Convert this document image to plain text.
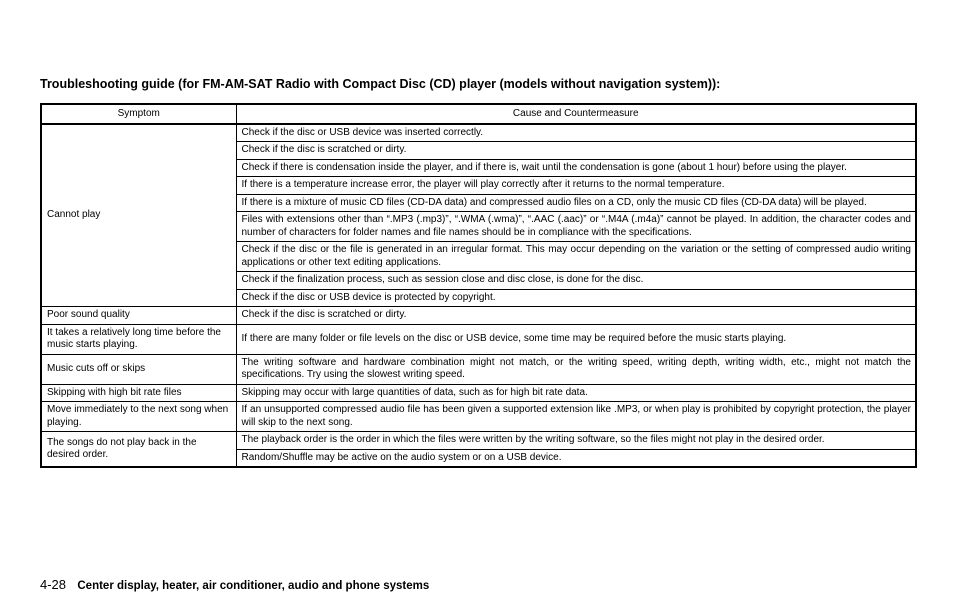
Troubleshooting guide (for FM-AM-SAT Radio with Compact Disc (CD) player (models without navigation system)):
Symptom	Cause and Countermeasure
Cannot play	Check if the disc or USB device was inserted correctly.
	Check if the disc is scratched or dirty.
	Check if there is condensation inside the player, and if there is, wait until the condensation is gone (about 1 hour) before using the player.
	If there is a temperature increase error, the player will play correctly after it returns to the normal temperature.
	If there is a mixture of music CD files (CD-DA data) and compressed audio files on a CD, only the music CD files (CD-DA data) will be played.
	Files with extensions other than “.MP3 (.mp3)”, “.WMA (.wma)”, “.AAC (.aac)” or “.M4A (.m4a)” cannot be played. In addition, the character codes and number of characters for folder names and file names should be in compliance with the specifications.
	Check if the disc or the file is generated in an irregular format. This may occur depending on the variation or the setting of compressed audio writing applications or other text editing applications.
	Check if the finalization process, such as session close and disc close, is done for the disc.
	Check if the disc or USB device is protected by copyright.
Poor sound quality	Check if the disc is scratched or dirty.
It takes a relatively long time before the music starts playing.	If there are many folder or file levels on the disc or USB device, some time may be required before the music starts playing.
Music cuts off or skips	The writing software and hardware combination might not match, or the writing speed, writing depth, writing width, etc., might not match the specifications. Try using the slowest writing speed.
Skipping with high bit rate files	Skipping may occur with large quantities of data, such as for high bit rate data.
Move immediately to the next song when playing.	If an unsupported compressed audio file has been given a supported extension like .MP3, or when play is prohibited by copyright protection, the player will skip to the next song.
The songs do not play back in the desired order.	The playback order is the order in which the files were written by the writing software, so the files might not play in the desired order.
	Random/Shuffle may be active on the audio system or on a USB device.
4-28 Center display, heater, air conditioner, audio and phone systems
